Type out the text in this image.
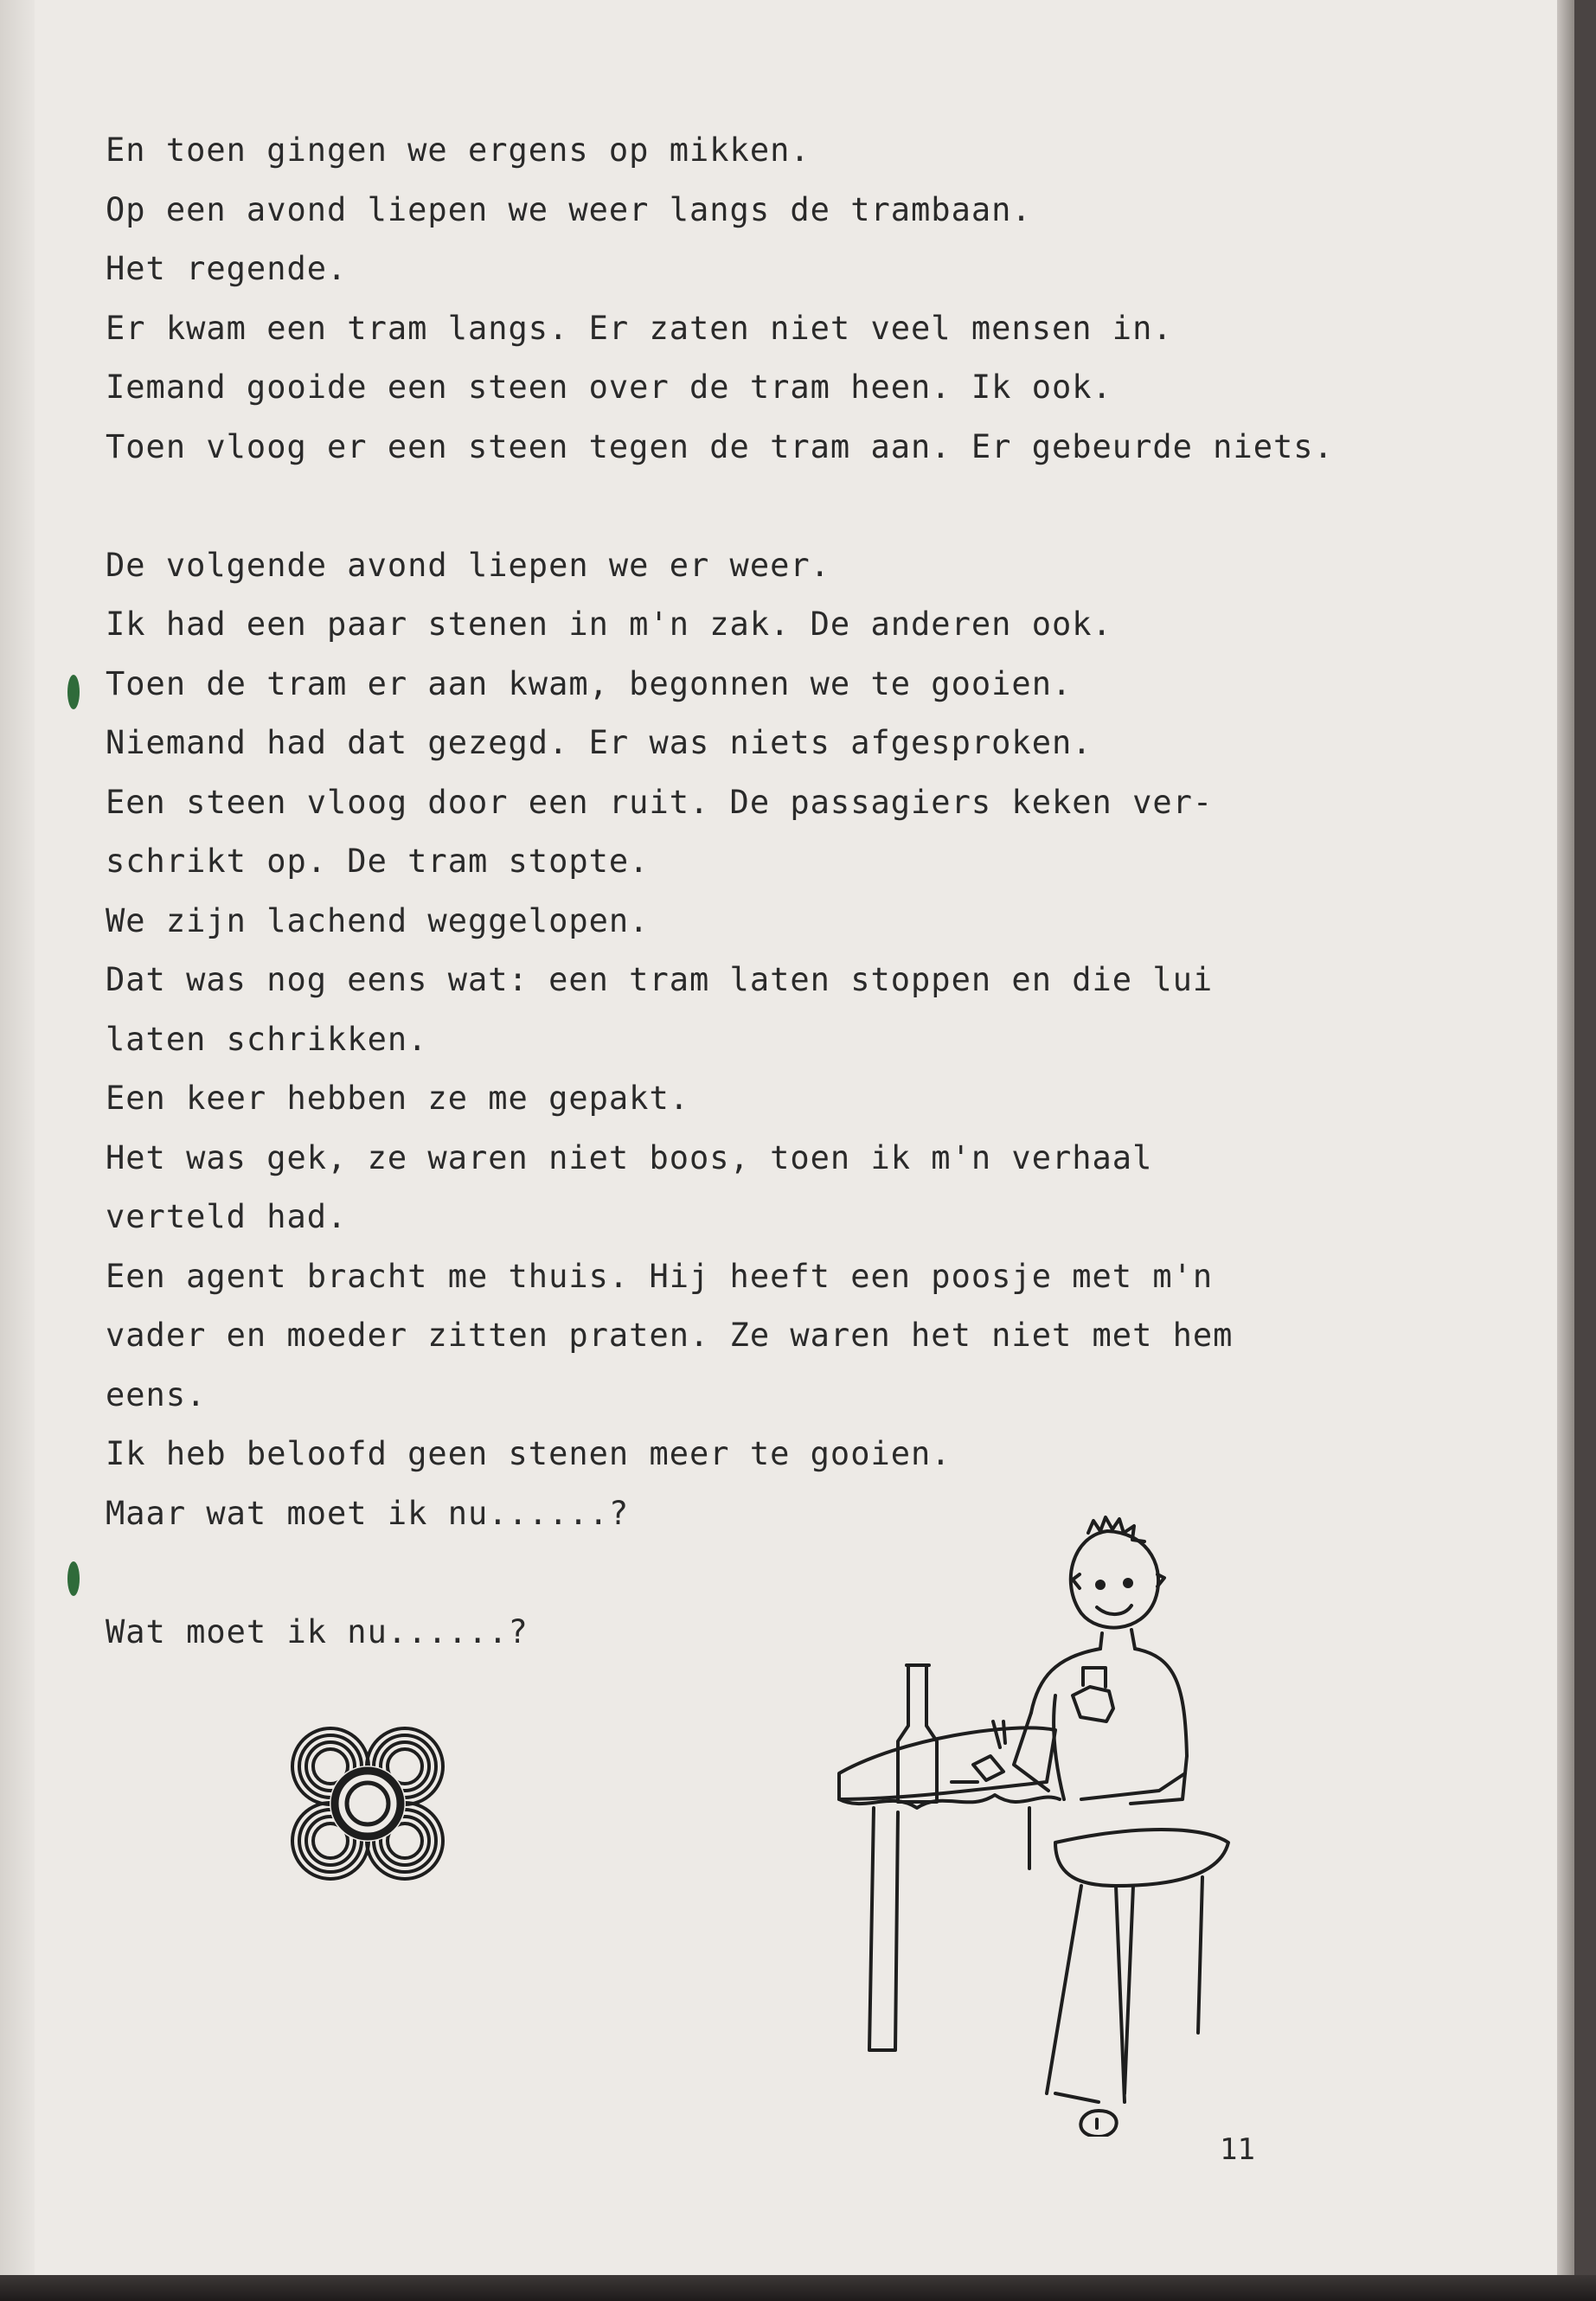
En toen gingen we ergens op mikken.
Op een avond liepen we weer langs de trambaan.
Het regende.
Er kwam een tram langs. Er zaten niet veel mensen in.
Iemand gooide een steen over de tram heen. Ik ook.
Toen vloog er een steen tegen de tram aan. Er gebeurde niets.
De volgende avond liepen we er weer.
Ik had een paar stenen in m'n zak. De anderen ook.
Toen de tram er aan kwam, begonnen we te gooien.
Niemand had dat gezegd. Er was niets afgesproken.
Een steen vloog door een ruit. De passagiers keken ver-
schrikt op. De tram stopte.
We zijn lachend weggelopen.
Dat was nog eens wat: een tram laten stoppen en die lui
laten schrikken.
Een keer hebben ze me gepakt.
Het was gek, ze waren niet boos, toen ik m'n verhaal
verteld had.
Een agent bracht me thuis. Hij heeft een poosje met m'n
vader en moeder zitten praten. Ze waren het niet met hem
eens.
Ik heb beloofd geen stenen meer te gooien.
Maar wat moet ik nu......?
Wat moet ik nu......?
11
